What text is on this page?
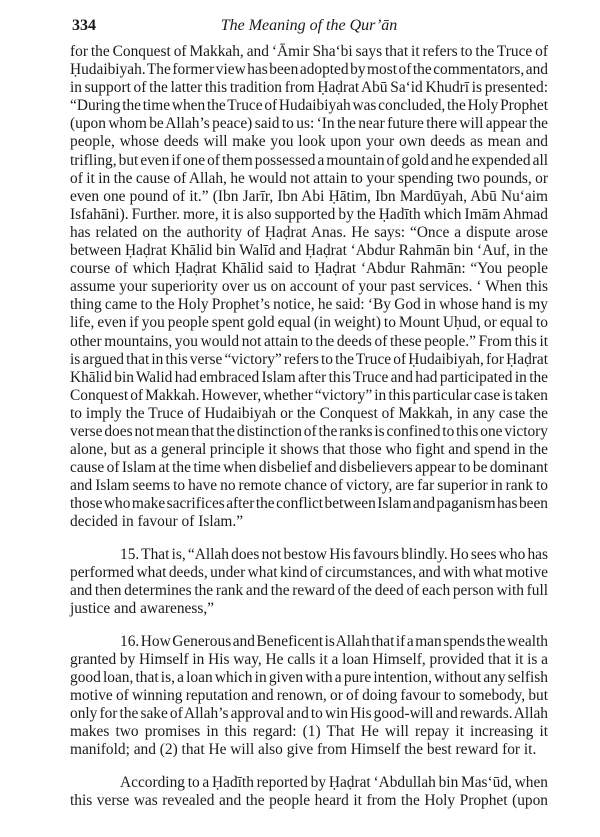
334	The Meaning of the Qur’ān
for the Conquest of Makkah, and ‘Āmir Sha‘bi says that it refers to the Truce of
Ḥudaibiyah. The former view has been adopted by most of the commentators, and
in support of the latter this tradition from Ḥaḍrat Abū Sa‘id Khudrī is presented:
“During the time when the Truce of Hudaibiyah was concluded, the Holy Prophet
(upon whom be Allah’s peace) said to us: ‘In the near future there will appear the
people, whose deeds will make you look upon your own deeds as mean and
trifling, but even if one of them possessed a mountain of gold and he expended all
of it in the cause of Allah, he would not attain to your spending two pounds, or
even one pound of it.” (Ibn Jarīr, Ibn Abi Ḥātim, Ibn Mardūyah, Abū Nu‘aim
Isfahāni). Further. more, it is also supported by the Ḥadīth which Imām Ahmad
has related on the authority of Ḥaḍrat Anas. He says: “Once a dispute arose
between Ḥaḍrat Khālid bin Walīd and Ḥaḍrat ‘Abdur Rahmān bin ‘Auf, in the
course of which Ḥaḍrat Khālid said to Ḥaḍrat ‘Abdur Rahmān: “You people
assume your superiority over us on account of your past services. ‘ When this
thing came to the Holy Prophet’s notice, he said: ‘By God in whose hand is my
life, even if you people spent gold equal (in weight) to Mount Uḥud, or equal to
other mountains, you would not attain to the deeds of these people.” From this it
is argued that in this verse “victory” refers to the Truce of Ḥudaibiyah, for Ḥaḍrat
Khālid bin Walid had embraced Islam after this Truce and had participated in the
Conquest of Makkah. However, whether “victory” in this particular case is taken
to imply the Truce of Hudaibiyah or the Conquest of Makkah, in any case the
verse does not mean that the distinction of the ranks is confined to this one victory
alone, but as a general principle it shows that those who fight and spend in the
cause of Islam at the time when disbelief and disbelievers appear to be dominant
and Islam seems to have no remote chance of victory, are far superior in rank to
those who make sacrifices after the conflict between Islam and paganism has been
decided in favour of Islam.”
15. That is, “Allah does not bestow His favours blindly. Ho sees who has
performed what deeds, under what kind of circumstances, and with what motive
and then determines the rank and the reward of the deed of each person with full
justice and awareness,”
16. How Generous and Beneficent is Allah that if a man spends the wealth
granted by Himself in His way, He calls it a loan Himself, provided that it is a
good loan, that is, a loan which in given with a pure intention, without any selfish
motive of winning reputation and renown, or of doing favour to somebody, but
only for the sake of Allah’s approval and to win His good-will and rewards. Allah
makes two promises in this regard: (1) That He will repay it increasing it
manifold; and (2) that He will also give from Himself the best reward for it.
According to a Ḥadīth reported by Ḥaḍrat ‘Abdullah bin Mas‘ūd, when
this verse was revealed and the people heard it from the Holy Prophet (upon
